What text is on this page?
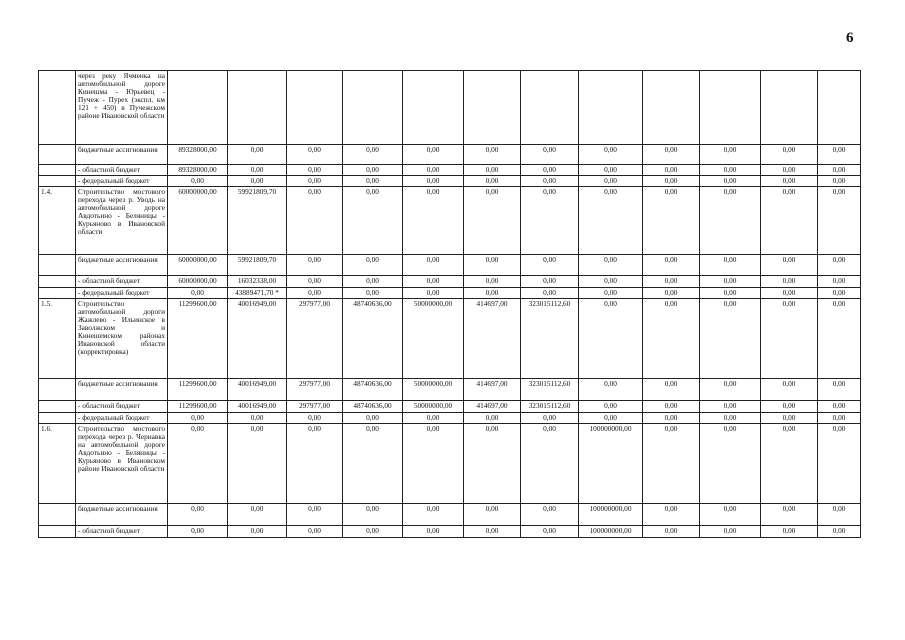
6
	через реку Ячменка на автомобильной дороге Кинешма - Юрьевец - Пучеж - Пурех (экспл. км 121 + 450) в Пучежском районе Ивановской области												
	бюджетные ассигнования	89328000,00	0,00	0,00	0,00	0,00	0,00	0,00	0,00	0,00	0,00	0,00	0,00
	- областной бюджет	89328000,00	0,00	0,00	0,00	0,00	0,00	0,00	0,00	0,00	0,00	0,00	0,00
	- федеральный бюджет	0,00	0,00	0,00	0,00	0,00	0,00	0,00	0,00	0,00	0,00	0,00	0,00
1.4.	Строительство мостового перехода через р. Уводь на автомобильной дороге Авдотьино - Беляницы - Курьяново в Ивановской области	60000000,00	59921809,70	0,00	0,00	0,00	0,00	0,00	0,00	0,00	0,00	0,00	0,00
	бюджетные ассигнования	60000000,00	59921809,70	0,00	0,00	0,00	0,00	0,00	0,00	0,00	0,00	0,00	0,00
	- областной бюджет	60000000,00	16032338,00	0,00	0,00	0,00	0,00	0,00	0,00	0,00	0,00	0,00	0,00
	- федеральный бюджет	0,00	43889471,70 *	0,00	0,00	0,00	0,00	0,00	0,00	0,00	0,00	0,00	0,00
1.5.	Строительство автомобильной дороги Жажлево - Ильинское в Заволжском и Кинешемском районах Ивановской области (корректировка)	11299600,00	40016949,00	297977,00	48740636,00	50000000,00	414697,00	323015112,60	0,00	0,00	0,00	0,00	0,00
	бюджетные ассигнования	11299600,00	40016949,00	297977,00	48740636,00	50000000,00	414697,00	323015112,60	0,00	0,00	0,00	0,00	0,00
	- областной бюджет	11299600,00	40016949,00	297977,00	48740636,00	50000000,00	414697,00	323015112,60	0,00	0,00	0,00	0,00	0,00
	- федеральный бюджет	0,00	0,00	0,00	0,00	0,00	0,00	0,00	0,00	0,00	0,00	0,00	0,00
1.6.	Строительство мостового перехода через р. Чернавка на автомобильной дороге Авдотьино - Беляницы - Курьяново в Ивановском районе Ивановской области	0,00	0,00	0,00	0,00	0,00	0,00	0,00	100000000,00	0,00	0,00	0,00	0,00
	бюджетные ассигнования	0,00	0,00	0,00	0,00	0,00	0,00	0,00	100000000,00	0,00	0,00	0,00	0,00
	- областной бюджет	0,00	0,00	0,00	0,00	0,00	0,00	0,00	100000000,00	0,00	0,00	0,00	0,00
